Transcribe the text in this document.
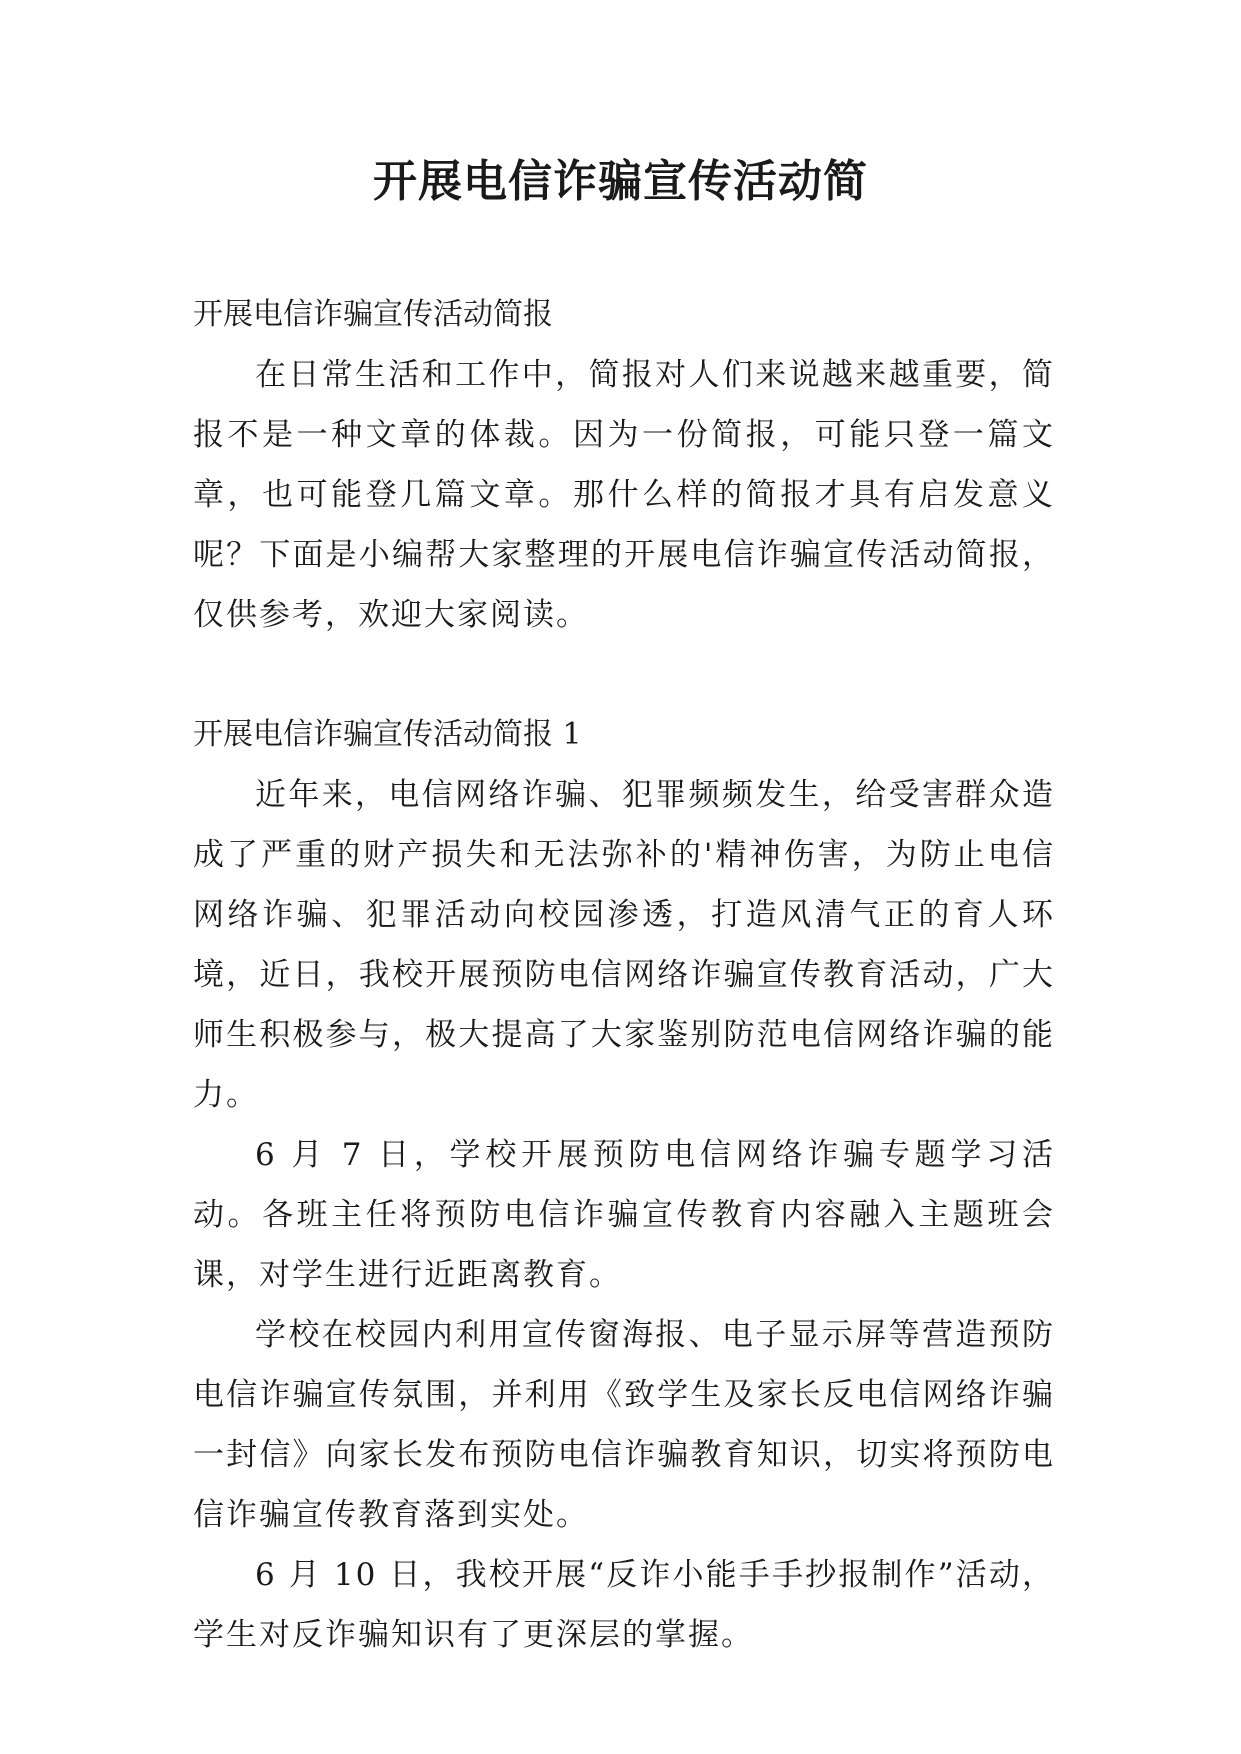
开展电信诈骗宣传活动简

开展电信诈骗宣传活动简报

在日常生活和工作中，简报对人们来说越来越重要，简报不是一种文章的体裁。因为一份简报，可能只登一篇文章，也可能登几篇文章。那什么样的简报才具有启发意义呢？下面是小编帮大家整理的开展电信诈骗宣传活动简报，仅供参考，欢迎大家阅读。

开展电信诈骗宣传活动简报 1

近年来，电信网络诈骗、犯罪频频发生，给受害群众造成了严重的财产损失和无法弥补的'精神伤害，为防止电信网络诈骗、犯罪活动向校园渗透，打造风清气正的育人环境，近日，我校开展预防电信网络诈骗宣传教育活动，广大师生积极参与，极大提高了大家鉴别防范电信网络诈骗的能力。

6 月 7 日，学校开展预防电信网络诈骗专题学习活动。各班主任将预防电信诈骗宣传教育内容融入主题班会课，对学生进行近距离教育。

学校在校园内利用宣传窗海报、电子显示屏等营造预防电信诈骗宣传氛围，并利用《致学生及家长反电信网络诈骗一封信》向家长发布预防电信诈骗教育知识，切实将预防电信诈骗宣传教育落到实处。

6 月 10 日，我校开展“反诈小能手手抄报制作”活动，学生对反诈骗知识有了更深层的掌握。
